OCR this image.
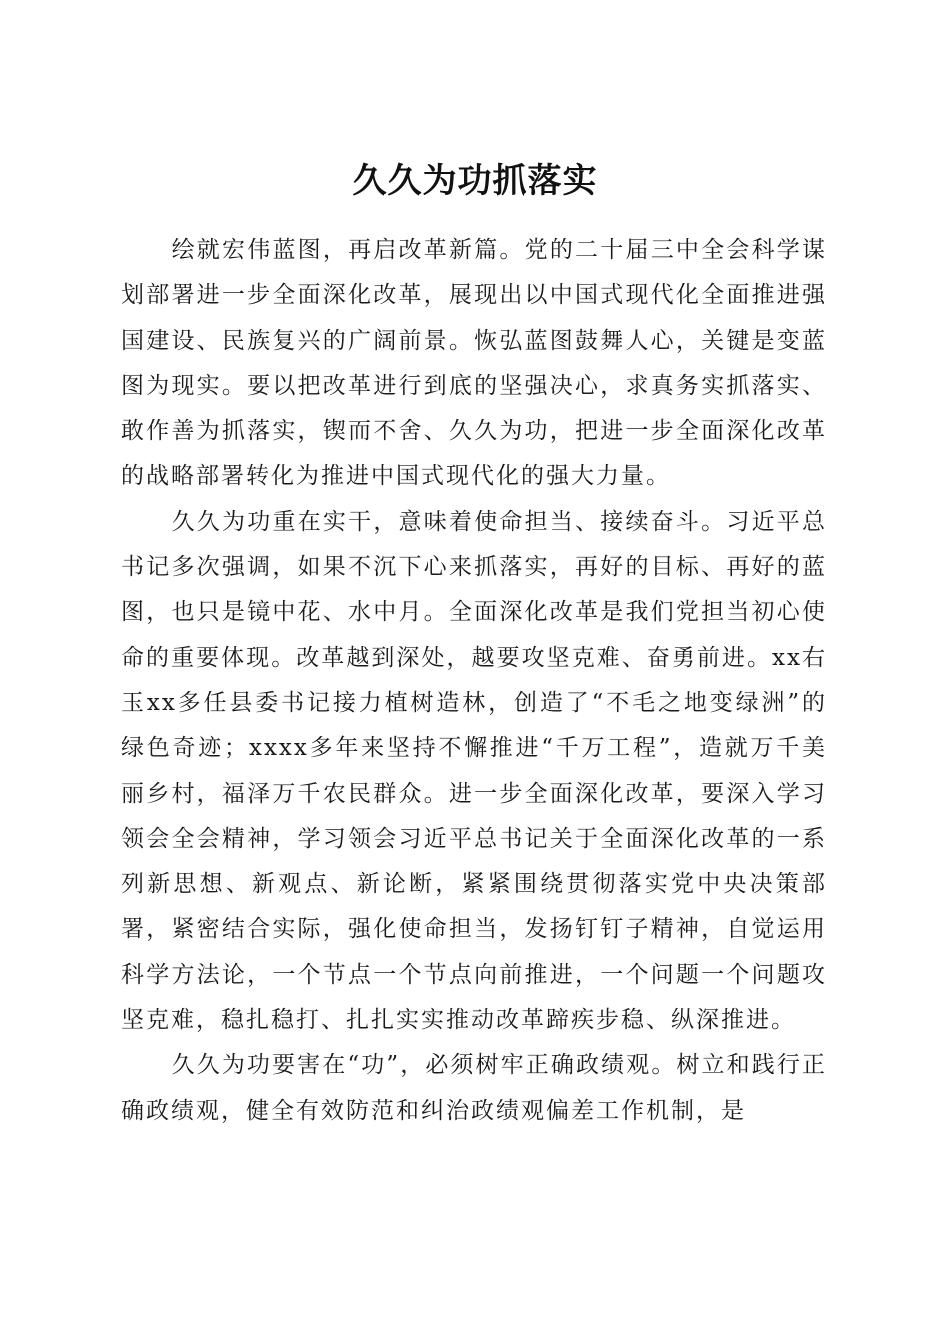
久久为功抓落实

绘就宏伟蓝图，再启改革新篇。党的二十届三中全会科学谋划部署进一步全面深化改革，展现出以中国式现代化全面推进强国建设、民族复兴的广阔前景。恢弘蓝图鼓舞人心，关键是变蓝图为现实。要以把改革进行到底的坚强决心，求真务实抓落实、敢作善为抓落实，锲而不舍、久久为功，把进一步全面深化改革的战略部署转化为推进中国式现代化的强大力量。

久久为功重在实干，意味着使命担当、接续奋斗。习近平总书记多次强调，如果不沉下心来抓落实，再好的目标、再好的蓝图，也只是镜中花、水中月。全面深化改革是我们党担当初心使命的重要体现。改革越到深处，越要攻坚克难、奋勇前进。xx右玉xx多任县委书记接力植树造林，创造了“不毛之地变绿洲”的绿色奇迹；xxxx多年来坚持不懈推进“千万工程”，造就万千美丽乡村，福泽万千农民群众。进一步全面深化改革，要深入学习领会全会精神，学习领会习近平总书记关于全面深化改革的一系列新思想、新观点、新论断，紧紧围绕贯彻落实党中央决策部署，紧密结合实际，强化使命担当，发扬钉钉子精神，自觉运用科学方法论，一个节点一个节点向前推进，一个问题一个问题攻坚克难，稳扎稳打、扎扎实实推动改革蹄疾步稳、纵深推进。

久久为功要害在“功”，必须树牢正确政绩观。树立和践行正确政绩观，健全有效防范和纠治政绩观偏差工作机制，是
